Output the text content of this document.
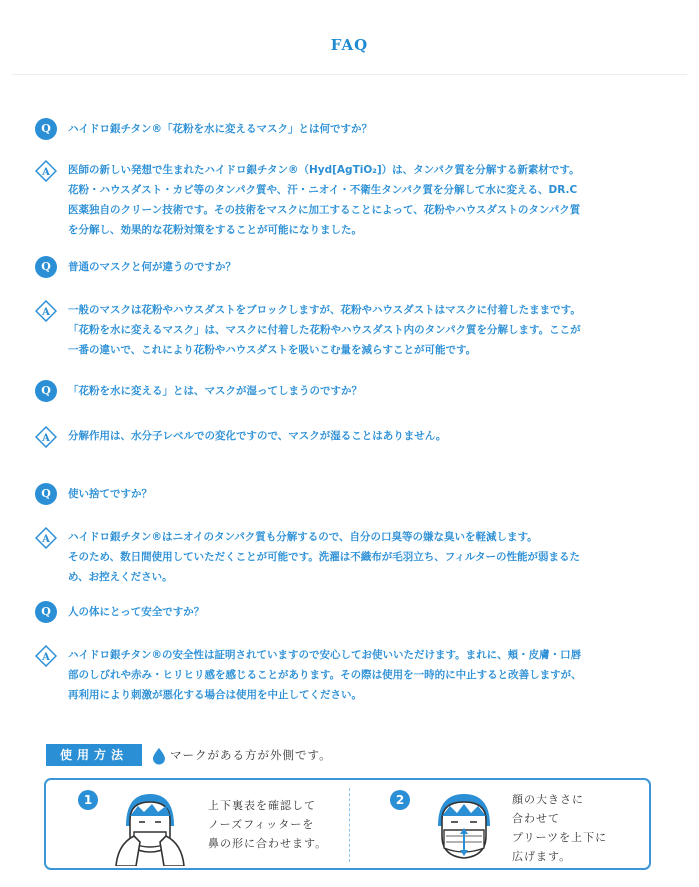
FAQ
Q	ハイドロ銀チタン®「花粉を水に変えるマスク」とは何ですか？
A 医師の新しい発想で生まれたハイドロ銀チタン®（Hyd[AgTiO₂]）は、タンパク質を分解する新素材です。
花粉・ハウスダスト・カビ等のタンパク質や、汗・ニオイ・不衛生タンパク質を分解して水に変える、DR.C
医薬独自のクリーン技術です。その技術をマスクに加工することによって、花粉やハウスダストのタンパク質
を分解し、効果的な花粉対策をすることが可能になりました。
Q	普通のマスクと何が違うのですか？
A 一般のマスクは花粉やハウスダストをブロックしますが、花粉やハウスダストはマスクに付着したままです。
「花粉を水に変えるマスク」は、マスクに付着した花粉やハウスダスト内のタンパク質を分解します。ここが
一番の違いで、これにより花粉やハウスダストを吸いこむ量を減らすことが可能です。
Q	「花粉を水に変える」とは、マスクが湿ってしまうのですか？
A 分解作用は、水分子レベルでの変化ですので、マスクが湿ることはありません。
Q	使い捨てですか？
A ハイドロ銀チタン®はニオイのタンパク質も分解するので、自分の口臭等の嫌な臭いを軽減します。
そのため、数日間使用していただくことが可能です。洗濯は不織布が毛羽立ち、フィルターの性能が弱まるた
め、お控えください。
Q	人の体にとって安全ですか？
A ハイドロ銀チタン®の安全性は証明されていますので安心してお使いいただけます。まれに、頬・皮膚・口唇
部のしびれや赤み・ヒリヒリ感を感じることがあります。その際は使用を一時的に中止すると改善しますが、
再利用により刺激が悪化する場合は使用を中止してください。
使用方法	マークがある方が外側です。
1	上下裏表を確認して
ノーズフィッターを
鼻の形に合わせます。
2	顔の大きさに
合わせて
プリーツを上下に
広げます。
